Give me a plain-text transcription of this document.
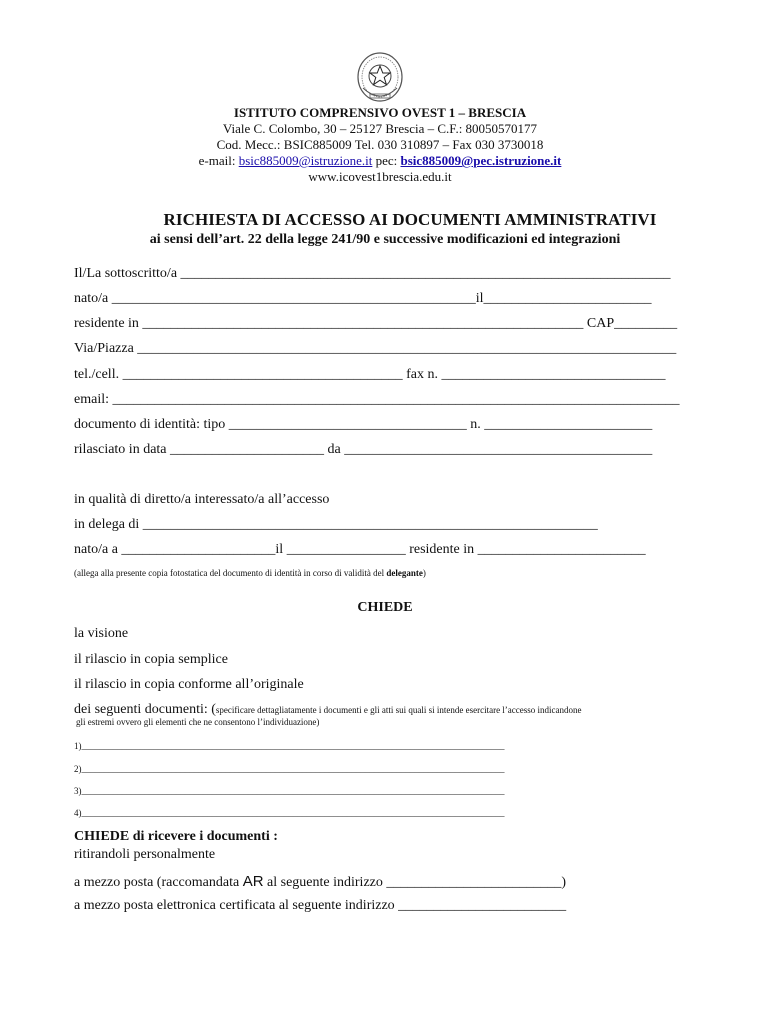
ISTITUTO COMPRENSIVO OVEST 1 – BRESCIA
Viale C. Colombo, 30 – 25127 Brescia – C.F.: 80050570177
Cod. Mecc.: BSIC885009 Tel. 030 310897 – Fax 030 3730018
e-mail: bsic885009@istruzione.it pec: bsic885009@pec.istruzione.it
www.icovest1brescia.edu.it
RICHIESTA DI ACCESSO AI DOCUMENTI AMMINISTRATIVI
ai sensi dell’art. 22 della legge 241/90 e successive modificazioni ed integrazioni
Il/La sottoscritto/a ______________________________________________________________________
nato/a ____________________________________________________il________________________
residente in _______________________________________________________________ CAP_________
Via/Piazza _____________________________________________________________________________
tel./cell. ________________________________________ fax n. ________________________________
email: _________________________________________________________________________________
documento di identità: tipo __________________________________ n. ________________________
rilasciato in data ______________________ da ____________________________________________
in qualità di diretto/a interessato/a all’accesso
in delega di _________________________________________________________________
nato/a a ______________________il _________________ residente in ________________________
(allega alla presente copia fotostatica del documento di identità in corso di validità del delegante)
CHIEDE
la visione
il rilascio in copia semplice
il rilascio in copia conforme all’originale
dei seguenti documenti: (specificare dettagliatamente i documenti e gli atti sui quali si intende esercitare l’accesso indicandone
gli estremi ovvero gli elementi che ne consentono l’individuazione)
1)______________________________________________________________________________________________
2)______________________________________________________________________________________________
3)______________________________________________________________________________________________
4)______________________________________________________________________________________________
CHIEDE di ricevere i documenti :
ritirandoli personalmente
a mezzo posta (raccomandata AR al seguente indirizzo _________________________)
a mezzo posta elettronica certificata al seguente indirizzo ________________________
